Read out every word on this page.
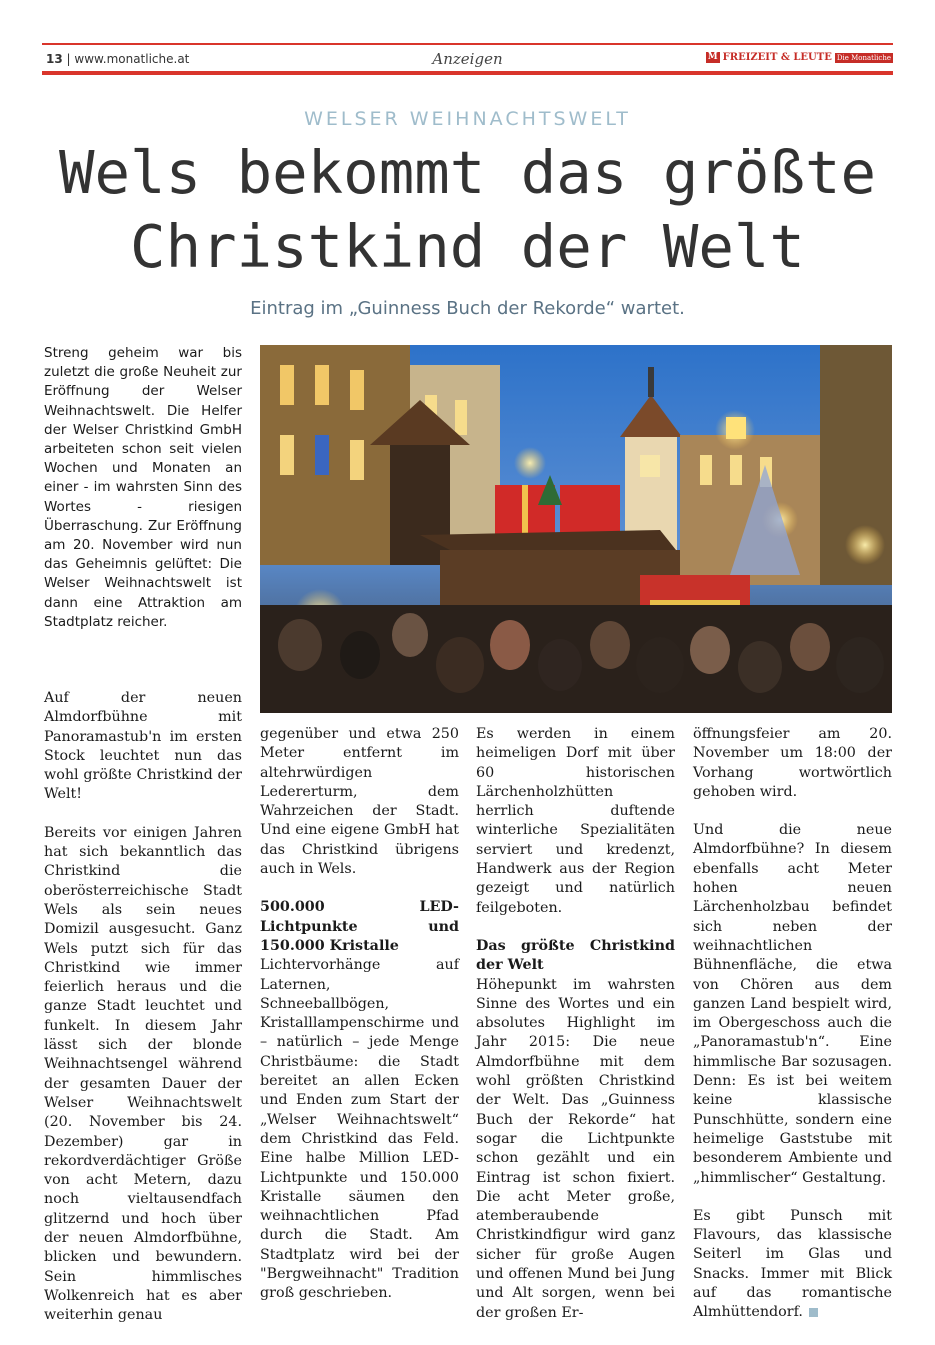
13 | www.monatliche.at	Anzeigen	M FREIZEIT & LEUTE Die Monatliche
WELSER WEIHNACHTSWELT
Wels bekommt das größte
Christkind der Welt
Eintrag im „Guinness Buch der Rekorde“ wartet.
Streng geheim war bis zuletzt die große Neuheit zur Eröffnung der Welser Weihnachtswelt. Die Helfer der Welser Christkind GmbH arbeiteten schon seit vielen Wochen und Monaten an einer - im wahrsten Sinn des Wortes - riesigen Überraschung. Zur Eröffnung am 20. November wird nun das Geheimnis gelüftet: Die Welser Weihnachtswelt ist dann eine Attraktion am Stadtplatz reicher.

Auf der neuen Almdorfbühne mit Panoramastub'n im ersten Stock leuchtet nun das wohl größte Christkind der Welt!

Bereits vor einigen Jahren hat sich bekanntlich das Christkind die oberösterreichische Stadt Wels als sein neues Domizil ausgesucht. Ganz Wels putzt sich für das Christkind wie immer feierlich heraus und die ganze Stadt leuchtet und funkelt. In diesem Jahr lässt sich der blonde Weihnachtsengel während der gesamten Dauer der Welser Weihnachtswelt (20. November bis 24. Dezember) gar in rekordverdächtiger Größe von acht Metern, dazu noch vieltausendfach glitzernd und hoch über der neuen Almdorfbühne, blicken und bewundern. Sein himmlisches Wolkenreich hat es aber weiterhin genau

gegenüber und etwa 250 Meter entfernt im altehrwürdigen Ledererturm, dem Wahrzeichen der Stadt. Und eine eigene GmbH hat das Christkind übrigens auch in Wels.

500.000 LED-Lichtpunkte und 150.000 Kristalle

Lichtervorhänge auf Laternen, Schneeballbögen, Kristalllampenschirme und – natürlich – jede Menge Christbäume: die Stadt bereitet an allen Ecken und Enden zum Start der „Welser Weihnachtswelt“ dem Christkind das Feld. Eine halbe Million LED-Lichtpunkte und 150.000 Kristalle säumen den weihnachtlichen Pfad durch die Stadt. Am Stadtplatz wird bei der "Bergweihnacht" Tradition groß geschrieben.

Es werden in einem heimeligen Dorf mit über 60 historischen Lärchenholzhütten herrlich duftende winterliche Spezialitäten serviert und kredenzt, Handwerk aus der Region gezeigt und natürlich feilgeboten.

Das größte Christkind der Welt

Höhepunkt im wahrsten Sinne des Wortes und ein absolutes Highlight im Jahr 2015: Die neue Almdorfbühne mit dem wohl größten Christkind der Welt. Das „Guinness Buch der Rekorde“ hat sogar die Lichtpunkte schon gezählt und ein Eintrag ist schon fixiert. Die acht Meter große, atemberaubende Christkindfigur wird ganz sicher für große Augen und offenen Mund bei Jung und Alt sorgen, wenn bei der großen Er-

öffnungsfeier am 20. November um 18:00 der Vorhang wortwörtlich gehoben wird.

Und die neue Almdorfbühne? In diesem ebenfalls acht Meter hohen neuen Lärchenholzbau befindet sich neben der weihnachtlichen Bühnenfläche, die etwa von Chören aus dem ganzen Land bespielt wird, im Obergeschoss auch die „Panoramastub'n“. Eine himmlische Bar sozusagen. Denn: Es ist bei weitem keine klassische Punschhütte, sondern eine heimelige Gaststube mit besonderem Ambiente und „himmlischer“ Gestaltung.

Es gibt Punsch mit Flavours, das klassische Seiterl im Glas und Snacks. Immer mit Blick auf das romantische Almhüttendorf.
